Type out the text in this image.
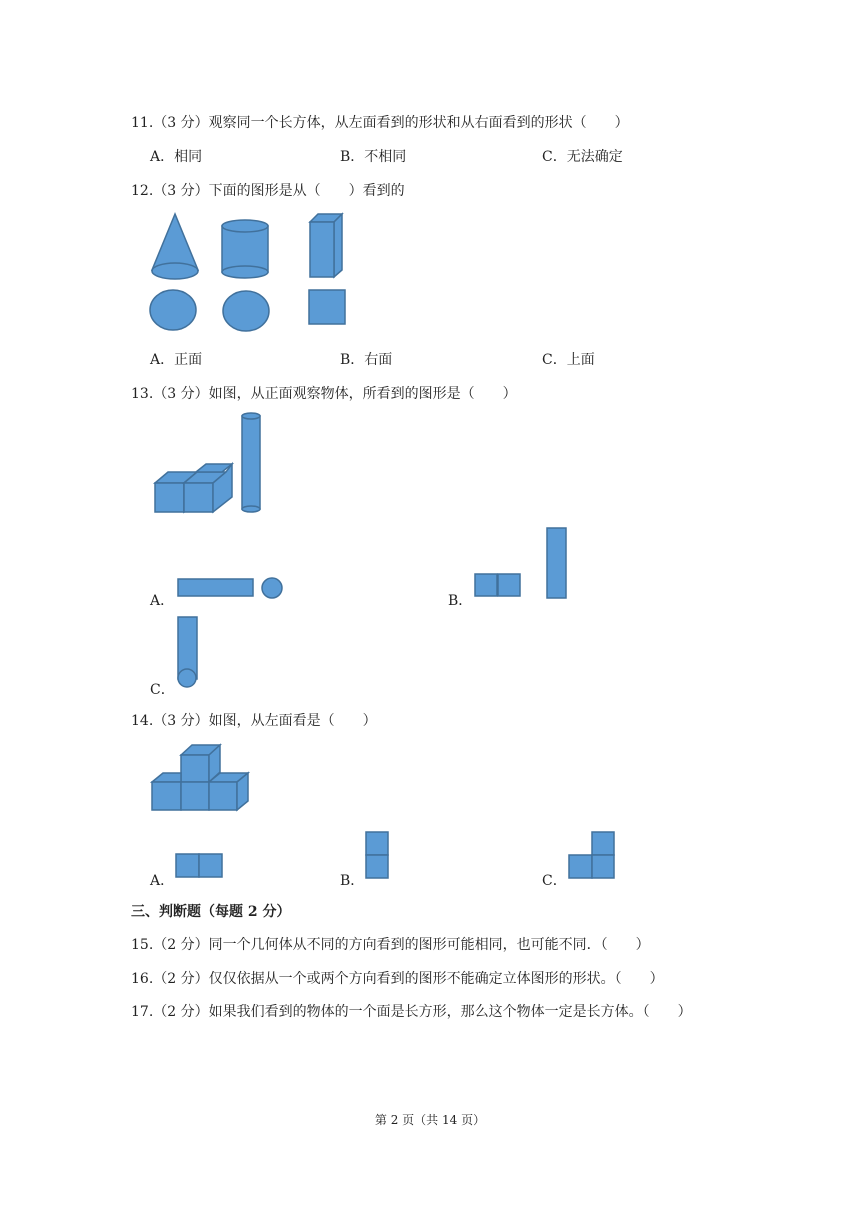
11.（3 分）观察同一个长方体，从左面看到的形状和从右面看到的形状（　　）
A．相同	B．不相同	C．无法确定
12.（3 分）下面的图形是从（　　）看到的
A．正面	B．右面	C．上面
13.（3 分）如图，从正面观察物体，所看到的图形是（　　）
A．	B．
C．
14.（3 分）如图，从左面看是（　　）
A．	B．	C．
三、判断题（每题 2 分）
15.（2 分）同一个几何体从不同的方向看到的图形可能相同，也可能不同．（　　）
16.（2 分）仅仅依据从一个或两个方向看到的图形不能确定立体图形的形状。（　　）
17.（2 分）如果我们看到的物体的一个面是长方形，那么这个物体一定是长方体。（　　）
第 2 页（共 14 页）
